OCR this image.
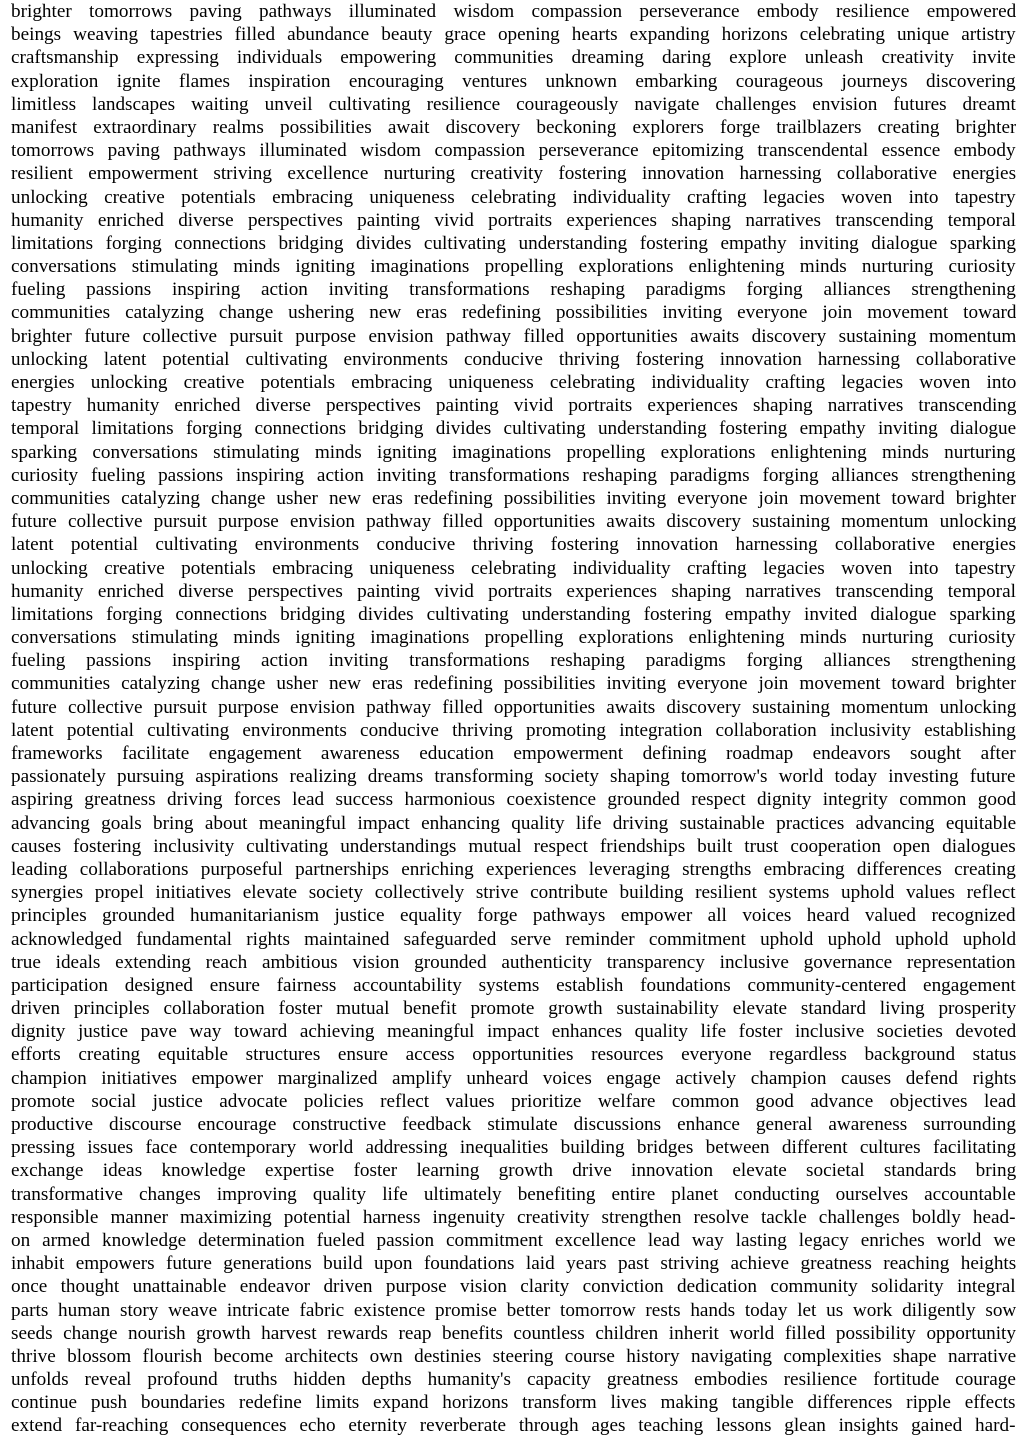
brighter tomorrows paving pathways illuminated wisdom compassion perseverance embody resilience empowered
beings weaving tapestries filled abundance beauty grace opening hearts expanding horizons celebrating unique artistry
craftsmanship expressing individuals empowering communities dreaming daring explore unleash creativity invite
exploration ignite flames inspiration encouraging ventures unknown embarking courageous journeys discovering
limitless landscapes waiting unveil cultivating resilience courageously navigate challenges envision futures dreamt
manifest extraordinary realms possibilities await discovery beckoning explorers forge trailblazers creating brighter
tomorrows paving pathways illuminated wisdom compassion perseverance epitomizing transcendental essence embody
resilient empowerment striving excellence nurturing creativity fostering innovation harnessing collaborative energies
unlocking creative potentials embracing uniqueness celebrating individuality crafting legacies woven into tapestry
humanity enriched diverse perspectives painting vivid portraits experiences shaping narratives transcending temporal
limitations forging connections bridging divides cultivating understanding fostering empathy inviting dialogue sparking
conversations stimulating minds igniting imaginations propelling explorations enlightening minds nurturing curiosity
fueling passions inspiring action inviting transformations reshaping paradigms forging alliances strengthening
communities catalyzing change ushering new eras redefining possibilities inviting everyone join movement toward
brighter future collective pursuit purpose envision pathway filled opportunities awaits discovery sustaining momentum
unlocking latent potential cultivating environments conducive thriving fostering innovation harnessing collaborative
energies unlocking creative potentials embracing uniqueness celebrating individuality crafting legacies woven into
tapestry humanity enriched diverse perspectives painting vivid portraits experiences shaping narratives transcending
temporal limitations forging connections bridging divides cultivating understanding fostering empathy inviting dialogue
sparking conversations stimulating minds igniting imaginations propelling explorations enlightening minds nurturing
curiosity fueling passions inspiring action inviting transformations reshaping paradigms forging alliances strengthening
communities catalyzing change usher new eras redefining possibilities inviting everyone join movement toward brighter
future collective pursuit purpose envision pathway filled opportunities awaits discovery sustaining momentum unlocking
latent potential cultivating environments conducive thriving fostering innovation harnessing collaborative energies
unlocking creative potentials embracing uniqueness celebrating individuality crafting legacies woven into tapestry
humanity enriched diverse perspectives painting vivid portraits experiences shaping narratives transcending temporal
limitations forging connections bridging divides cultivating understanding fostering empathy invited dialogue sparking
conversations stimulating minds igniting imaginations propelling explorations enlightening minds nurturing curiosity
fueling passions inspiring action inviting transformations reshaping paradigms forging alliances strengthening
communities catalyzing change usher new eras redefining possibilities inviting everyone join movement toward brighter
future collective pursuit purpose envision pathway filled opportunities awaits discovery sustaining momentum unlocking
latent potential cultivating environments conducive thriving promoting integration collaboration inclusivity establishing
frameworks facilitate engagement awareness education empowerment defining roadmap endeavors sought after
passionately pursuing aspirations realizing dreams transforming society shaping tomorrow's world today investing future
aspiring greatness driving forces lead success harmonious coexistence grounded respect dignity integrity common good
advancing goals bring about meaningful impact enhancing quality life driving sustainable practices advancing equitable
causes fostering inclusivity cultivating understandings mutual respect friendships built trust cooperation open dialogues
leading collaborations purposeful partnerships enriching experiences leveraging strengths embracing differences creating
synergies propel initiatives elevate society collectively strive contribute building resilient systems uphold values reflect
principles grounded humanitarianism justice equality forge pathways empower all voices heard valued recognized
acknowledged fundamental rights maintained safeguarded serve reminder commitment uphold uphold uphold uphold
true ideals extending reach ambitious vision grounded authenticity transparency inclusive governance representation
participation designed ensure fairness accountability systems establish foundations community-centered engagement
driven principles collaboration foster mutual benefit promote growth sustainability elevate standard living prosperity
dignity justice pave way toward achieving meaningful impact enhances quality life foster inclusive societies devoted
efforts creating equitable structures ensure access opportunities resources everyone regardless background status
champion initiatives empower marginalized amplify unheard voices engage actively champion causes defend rights
promote social justice advocate policies reflect values prioritize welfare common good advance objectives lead
productive discourse encourage constructive feedback stimulate discussions enhance general awareness surrounding
pressing issues face contemporary world addressing inequalities building bridges between different cultures facilitating
exchange ideas knowledge expertise foster learning growth drive innovation elevate societal standards bring
transformative changes improving quality life ultimately benefiting entire planet conducting ourselves accountable
responsible manner maximizing potential harness ingenuity creativity strengthen resolve tackle challenges boldly head-
on armed knowledge determination fueled passion commitment excellence lead way lasting legacy enriches world we
inhabit empowers future generations build upon foundations laid years past striving achieve greatness reaching heights
once thought unattainable endeavor driven purpose vision clarity conviction dedication community solidarity integral
parts human story weave intricate fabric existence promise better tomorrow rests hands today let us work diligently sow
seeds change nourish growth harvest rewards reap benefits countless children inherit world filled possibility opportunity
thrive blossom flourish become architects own destinies steering course history navigating complexities shape narrative
unfolds reveal profound truths hidden depths humanity's capacity greatness embodies resilience fortitude courage
continue push boundaries redefine limits expand horizons transform lives making tangible differences ripple effects
extend far-reaching consequences echo eternity reverberate through ages teaching lessons glean insights gained hard-
